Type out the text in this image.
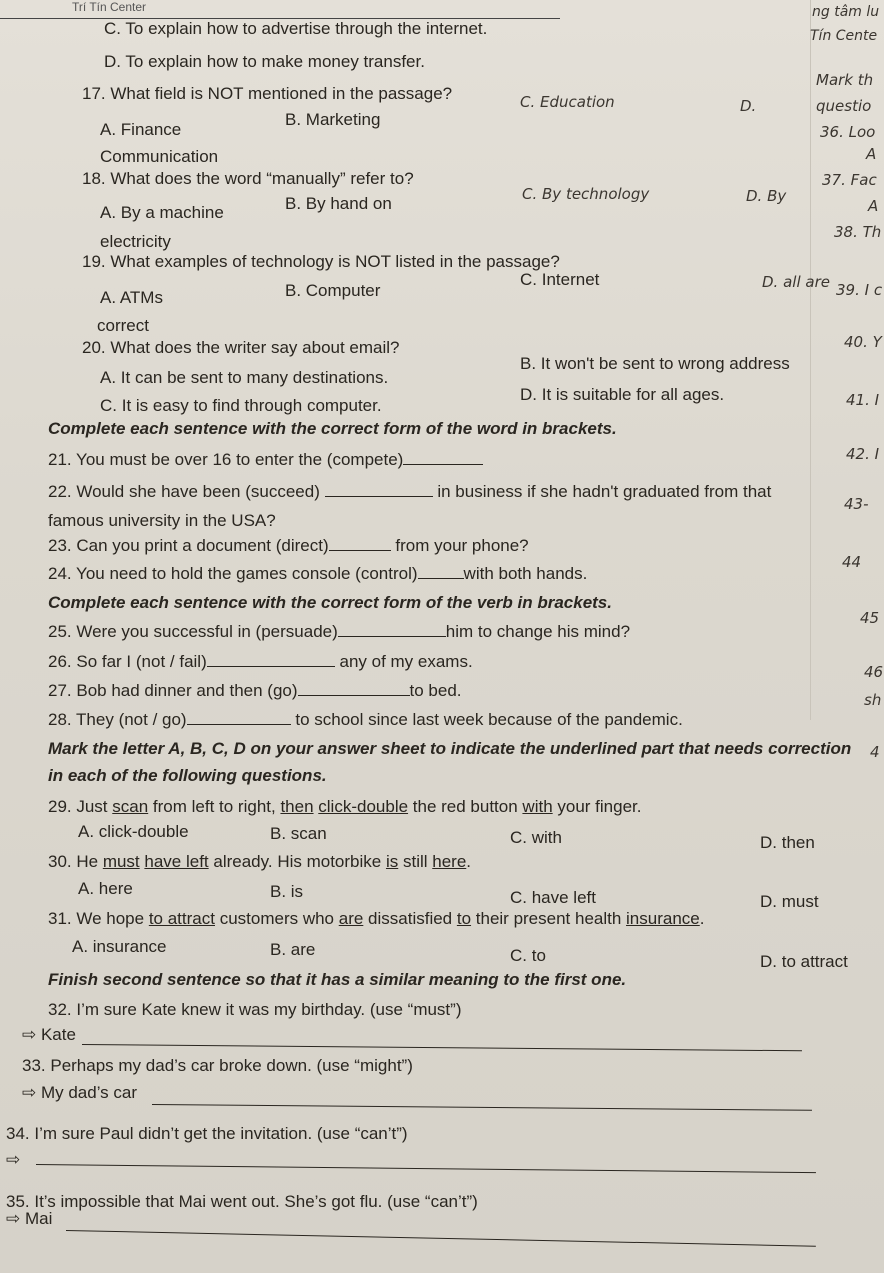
Trí Tín Center	ng tâm lu
Tín Cente
C. To explain how to advertise through the internet.
D. To explain how to make money transfer.
17. What field is NOT mentioned in the passage?	C. Education	D.
A. Finance
B. Marketing
Communication
18. What does the word “manually” refer to?
C. By technology	D. By
A. By a machine	B. By hand on
electricity
19. What examples of technology is NOT listed in the passage?
C. Internet	D. all are
A. ATMs	B. Computer
correct
20. What does the writer say about email?
A. It can be sent to many destinations.
B. It won't be sent to wrong address
C. It is easy to find through computer.
D. It is suitable for all ages.
Complete each sentence with the correct form of the word in brackets.
21. You must be over 16 to enter the (compete)
22. Would she have been (succeed)	in business if she hadn't graduated from that
famous university in the USA?
23. Can you print a document (direct)	from your phone?
24. You need to hold the games console (control)	with both hands.
Complete each sentence with the correct form of the verb in brackets.
25. Were you successful in (persuade)	him to change his mind?
26. So far I (not / fail)	any of my exams.
27. Bob had dinner and then (go)	to bed.
28. They (not / go)	to school since last week because of the pandemic.
Mark the letter A, B, C, D on your answer sheet to indicate the underlined part that needs correction
in each of the following questions.
29. Just scan from left to right, then click-double the red button with your finger.
A. click-double	B. scan	C. with	D. then
30. He must have left already. His motorbike is still here.
A. here	B. is	C. have left	D. must
31. We hope to attract customers who are dissatisfied to their present health insurance.
A. insurance	B. are	C. to	D. to attract
Finish second sentence so that it has a similar meaning to the first one.
32. I’m sure Kate knew it was my birthday. (use “must”)
⇨ Kate
33. Perhaps my dad’s car broke down. (use “might”)
⇨ My dad’s car
34. I’m sure Paul didn’t get the invitation. (use “can’t”)
⇨
35. It’s impossible that Mai went out. She’s got flu. (use “can’t”)
⇨ Mai
Mark th
questio
36. Loo
A
37. Fac
A
38. Th
39. I c
40. Y
41. I
42. I
43-
44
45
46
sh
4
